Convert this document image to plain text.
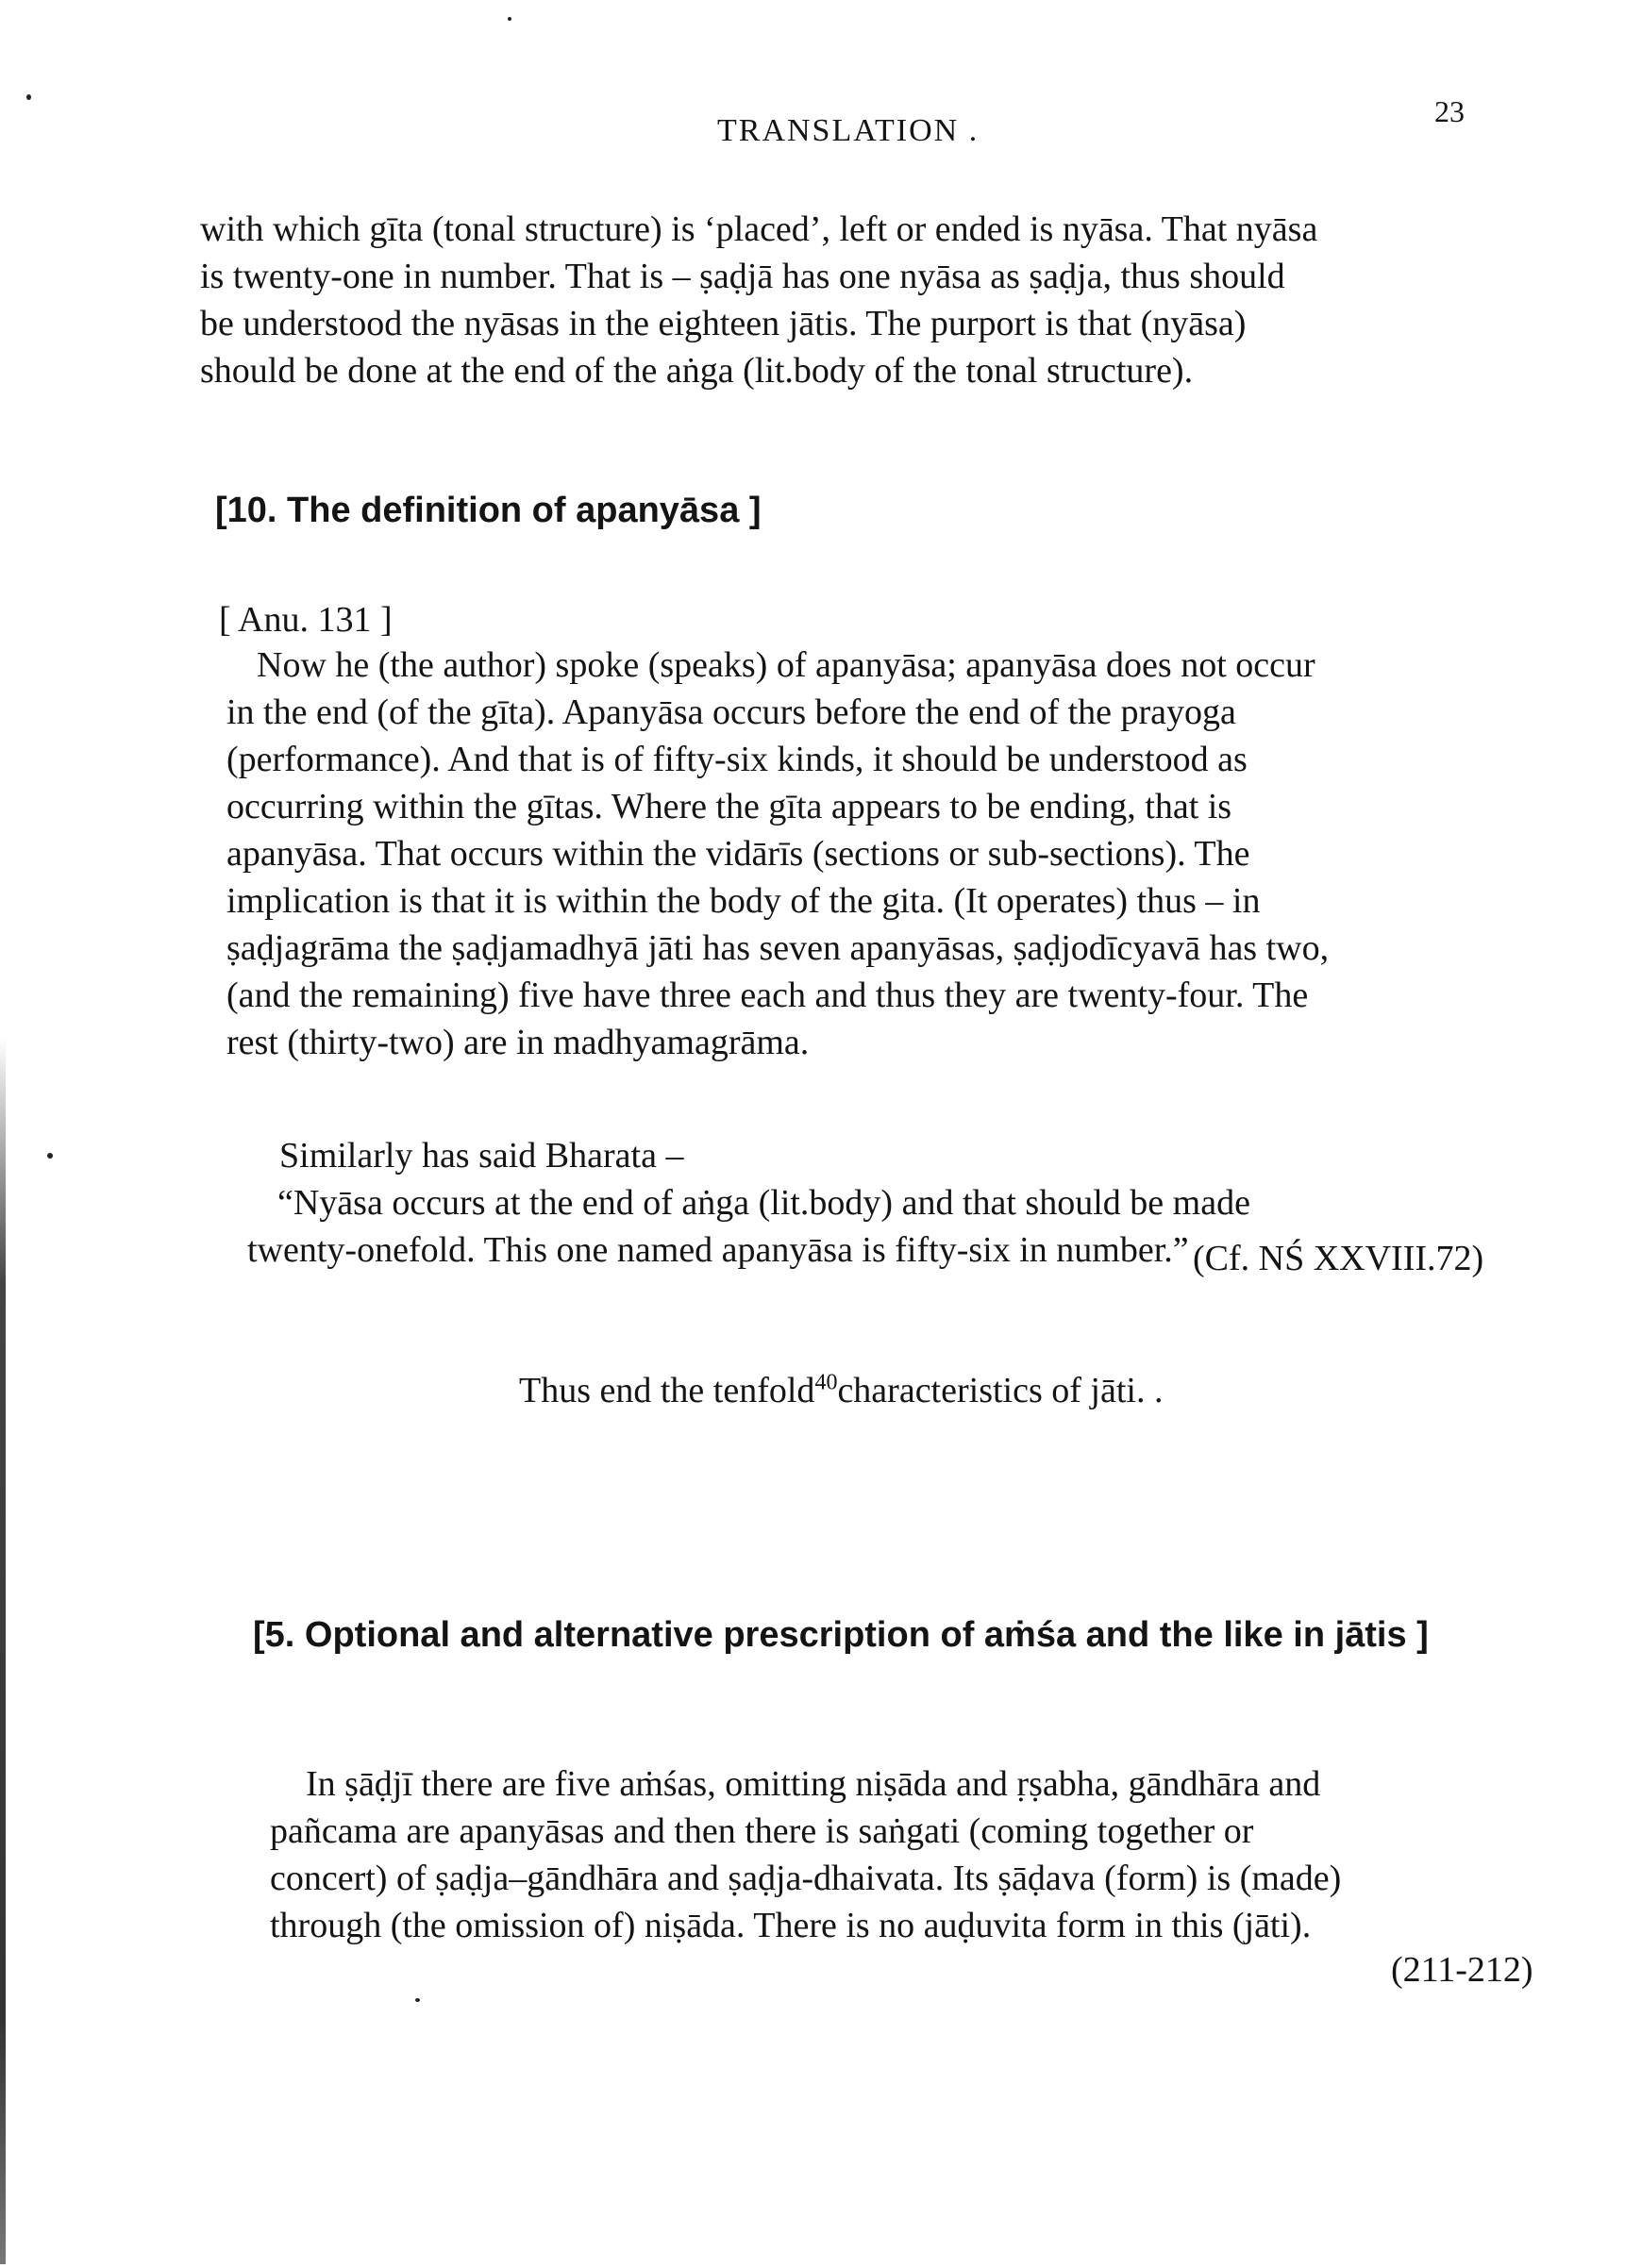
TRANSLATION .
23
with which gīta (tonal structure) is ‘placed’, left or ended is nyāsa. That nyāsa
is twenty-one in number. That is – ṣaḍjā has one nyāsa as ṣaḍja, thus should
be understood the nyāsas in the eighteen jātis. The purport is that (nyāsa)
should be done at the end of the aṅga (lit.body of the tonal structure).
[10. The definition of apanyāsa ]
[ Anu. 131 ]
Now he (the author) spoke (speaks) of apanyāsa; apanyāsa does not occur
in the end (of the gīta). Apanyāsa occurs before the end of the prayoga
(performance). And that is of fifty-six kinds, it should be understood as
occurring within the gītas. Where the gīta appears to be ending, that is
apanyāsa. That occurs within the vidārīs (sections or sub-sections). The
implication is that it is within the body of the gita. (It operates) thus – in
ṣaḍjagrāma the ṣaḍjamadhyā jāti has seven apanyāsas, ṣaḍjodīcyavā has two,
(and the remaining) five have three each and thus they are twenty-four. The
rest (thirty-two) are in madhyamagrāma.
Similarly has said Bharata –
“Nyāsa occurs at the end of aṅga (lit.body) and that should be made
twenty-onefold. This one named apanyāsa is fifty-six in number.” (Cf. NŚ XXVIII.72)
Thus end the tenfold$^{40}$characteristics of jāti. .
[5. Optional and alternative prescription of aṁśa and the like in jātis ]
In ṣāḍjī there are five aṁśas, omitting niṣāda and ṛṣabha, gāndhāra and
pañcama are apanyāsas and then there is saṅgati (coming together or
concert) of ṣaḍja–gāndhāra and ṣaḍja-dhaivata. Its ṣāḍava (form) is (made)
through (the omission of) niṣāda. There is no auḍuvita form in this (jāti).
(211-212)
